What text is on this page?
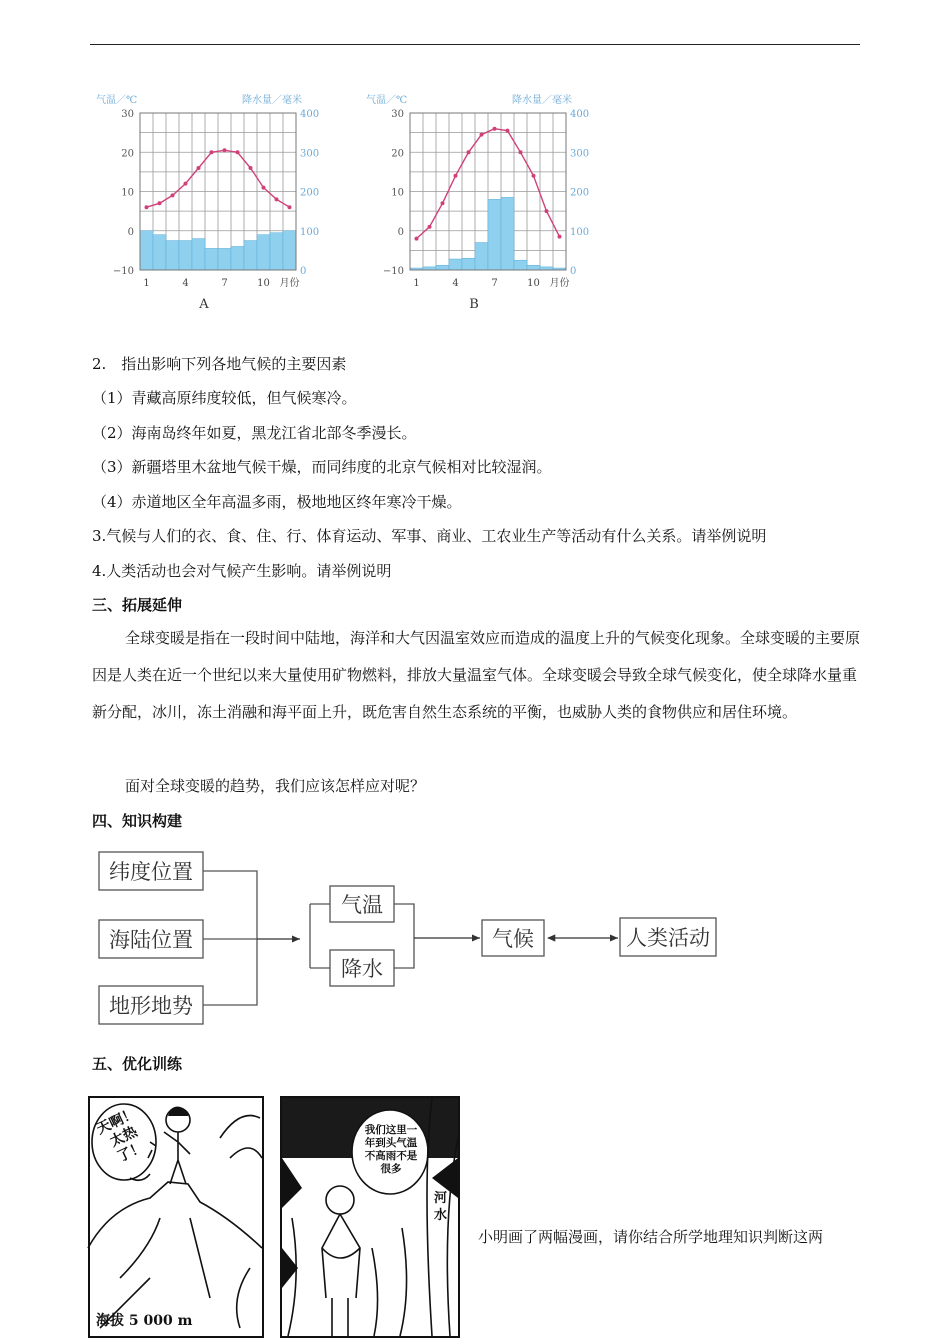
气温／℃	降水量／毫米
30
20
10
0
−10
400
300
200
100
0
1	4	7	10 月份
A
气温／℃	降水量／毫米
30
20
10
0
−10
400
300
200
100
0
1	4	7	10 月份
B
2.　指出影响下列各地气候的主要因素
（1）青藏高原纬度较低，但气候寒冷。
（2）海南岛终年如夏，黑龙江省北部冬季漫长。
（3）新疆塔里木盆地气候干燥，而同纬度的北京气候相对比较湿润。
（4）赤道地区全年高温多雨，极地地区终年寒冷干燥。
3.气候与人们的衣、食、住、行、体育运动、军事、商业、工农业生产等活动有什么关系。请举例说明
4.人类活动也会对气候产生影响。请举例说明
三、拓展延伸
全球变暖是指在一段时间中陆地，海洋和大气因温室效应而造成的温度上升的气候变化现象。全球变暖的主要原因是人类在近一个世纪以来大量使用矿物燃料，排放大量温室气体。全球变暖会导致全球气候变化，使全球降水量重新分配，冰川，冻土消融和海平面上升，既危害自然生态系统的平衡，也威胁人类的食物供应和居住环境。
面对全球变暖的趋势，我们应该怎样应对呢？
四、知识构建
纬度位置
海陆位置
地形地势
气温
降水
气候	人类活动
五、优化训练
海拔 5 000 m
天啊！太热了！
我们这里一年到头气温不高雨不是很多
河水
小明画了两幅漫画，请你结合所学地理知识判断这两
